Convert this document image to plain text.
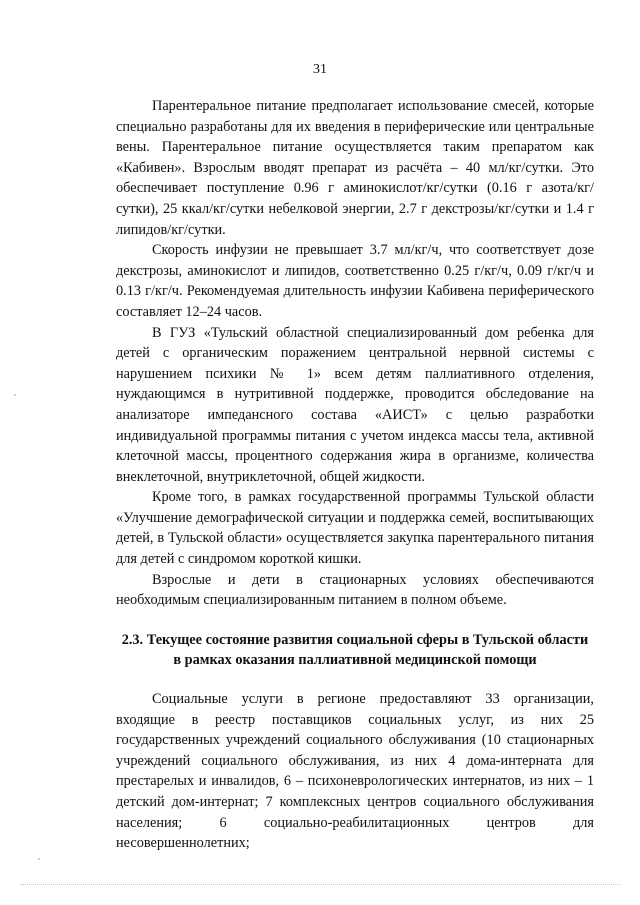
31

Парентеральное питание предполагает использование смесей, которые специально разработаны для их введения в периферические или центральные вены. Парентеральное питание осуществляется таким препаратом как «Кабивен». Взрослым вводят препарат из расчёта – 40 мл/кг/сутки. Это обеспечивает поступление 0.96 г аминокислот/кг/сутки (0.16 г азота/кг/сутки), 25 ккал/кг/сутки небелковой энергии, 2.7 г декстрозы/кг/сутки и 1.4 г липидов/кг/сутки.

Скорость инфузии не превышает 3.7 мл/кг/ч, что соответствует дозе декстрозы, аминокислот и липидов, соответственно 0.25 г/кг/ч, 0.09 г/кг/ч и 0.13 г/кг/ч. Рекомендуемая длительность инфузии Кабивена периферического составляет 12–24 часов.

В ГУЗ «Тульский областной специализированный дом ребенка для детей с органическим поражением центральной нервной системы с нарушением психики № 1» всем детям паллиативного отделения, нуждающимся в нутритивной поддержке, проводится обследование на анализаторе импедансного состава «АИСТ» с целью разработки индивидуальной программы питания с учетом индекса массы тела, активной клеточной массы, процентного содержания жира в организме, количества внеклеточной, внутриклеточной, общей жидкости.

Кроме того, в рамках государственной программы Тульской области «Улучшение демографической ситуации и поддержка семей, воспитывающих детей, в Тульской области» осуществляется закупка парентерального питания для детей с синдромом короткой кишки.

Взрослые и дети в стационарных условиях обеспечиваются необходимым специализированным питанием в полном объеме.

2.3. Текущее состояние развития социальной сферы в Тульской области
в рамках оказания паллиативной медицинской помощи

Социальные услуги в регионе предоставляют 33 организации, входящие в реестр поставщиков социальных услуг, из них 25 государственных учреждений социального обслуживания (10 стационарных учреждений социального обслуживания, из них 4 дома-интерната для престарелых и инвалидов, 6 – психоневрологических интернатов, из них – 1 детский дом-интернат; 7 комплексных центров социального обслуживания населения; 6 социально-реабилитационных центров для несовершеннолетних;
